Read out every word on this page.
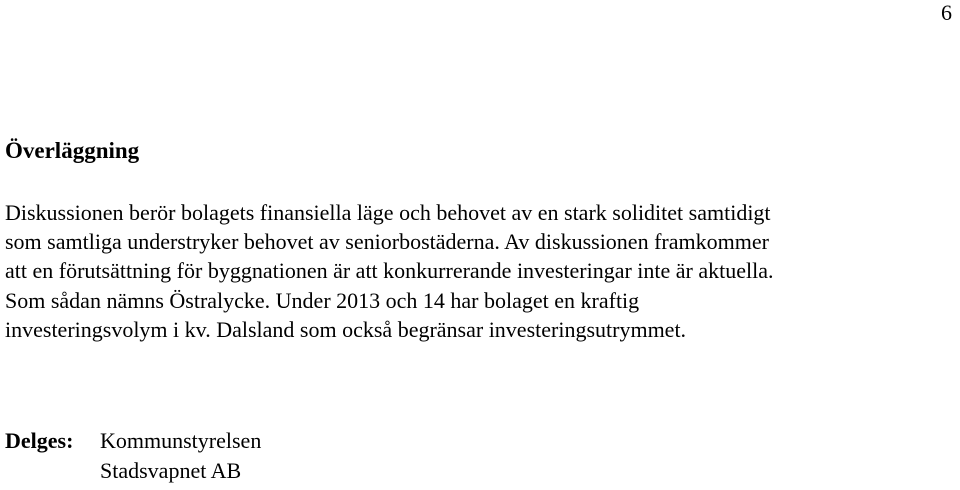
6
Överläggning

Diskussionen berör bolagets finansiella läge och behovet av en stark soliditet samtidigt
som samtliga understryker behovet av seniorbostäderna. Av diskussionen framkommer
att en förutsättning för byggnationen är att konkurrerande investeringar inte är aktuella.
Som sådan nämns Östralycke. Under 2013 och 14 har bolaget en kraftig
investeringsvolym i kv. Dalsland som också begränsar investeringsutrymmet.

Delges:	Kommunstyrelsen
Stadsvapnet AB
